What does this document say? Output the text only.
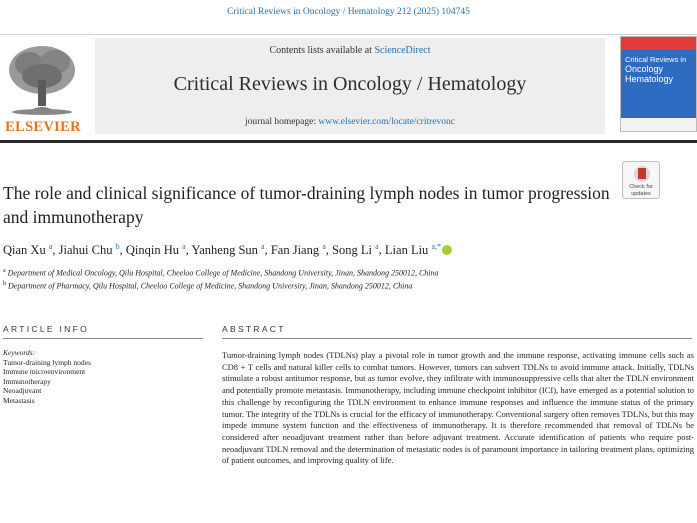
Critical Reviews in Oncology / Hematology 212 (2025) 104745
ELSEVIER
Contents lists available at ScienceDirect
Critical Reviews in Oncology / Hematology
journal homepage: www.elsevier.com/locate/critrevonc
Critical Reviews in
Oncology
Hematology
The role and clinical significance of tumor-draining lymph nodes in tumor progression and immunotherapy
Check for
updates
Qian Xu $^a$, Jiahui Chu $^b$, Qinqin Hu $^a$, Yanheng Sun $^a$, Fan Jiang $^a$, Song Li $^a$, Lian Liu $^{a,*}$
$^a$ Department of Medical Oncology, Qilu Hospital, Cheeloo College of Medicine, Shandong University, Jinan, Shandong 250012, China
$^b$ Department of Pharmacy, Qilu Hospital, Cheeloo College of Medicine, Shandong University, Jinan, Shandong 250012, China
ARTICLE INFO	ABSTRACT
Keywords:
Tumor-draining lymph nodes
Immune microenvironment
Immunotherapy
Neoadjuvant
Metastasis
Tumor-draining lymph nodes (TDLNs) play a pivotal role in tumor growth and the immune response, activating immune cells such as CD8 + T cells and natural killer cells to combat tumors. However, tumors can subvert TDLNs to avoid immune attack. Initially, TDLNs stimulate a robust antitumor response, but as tumor evolve, they infiltrate with immunosuppressive cells that alter the TDLN environment and potentially promote metastasis. Immunotherapy, including immune checkpoint inhibitor (ICI), have emerged as a potential solution to this challenge by reconfiguring the TDLN environment to enhance immune responses and influence the immune status of the primary tumor. The integrity of the TDLNs is crucial for the efficacy of immunotherapy. Conventional surgery often removes TDLNs, but this may impede immune system function and the effectiveness of immunotherapy. It is therefore recommended that removal of TDLNs be considered after neoadjuvant treatment rather than before adjuvant treatment. Accurate identification of patients who require post-neoadjuvant TDLN removal and the determination of metastatic nodes is of paramount importance in tailoring treatment plans, optimizing of patient outcomes, and improving quality of life.
